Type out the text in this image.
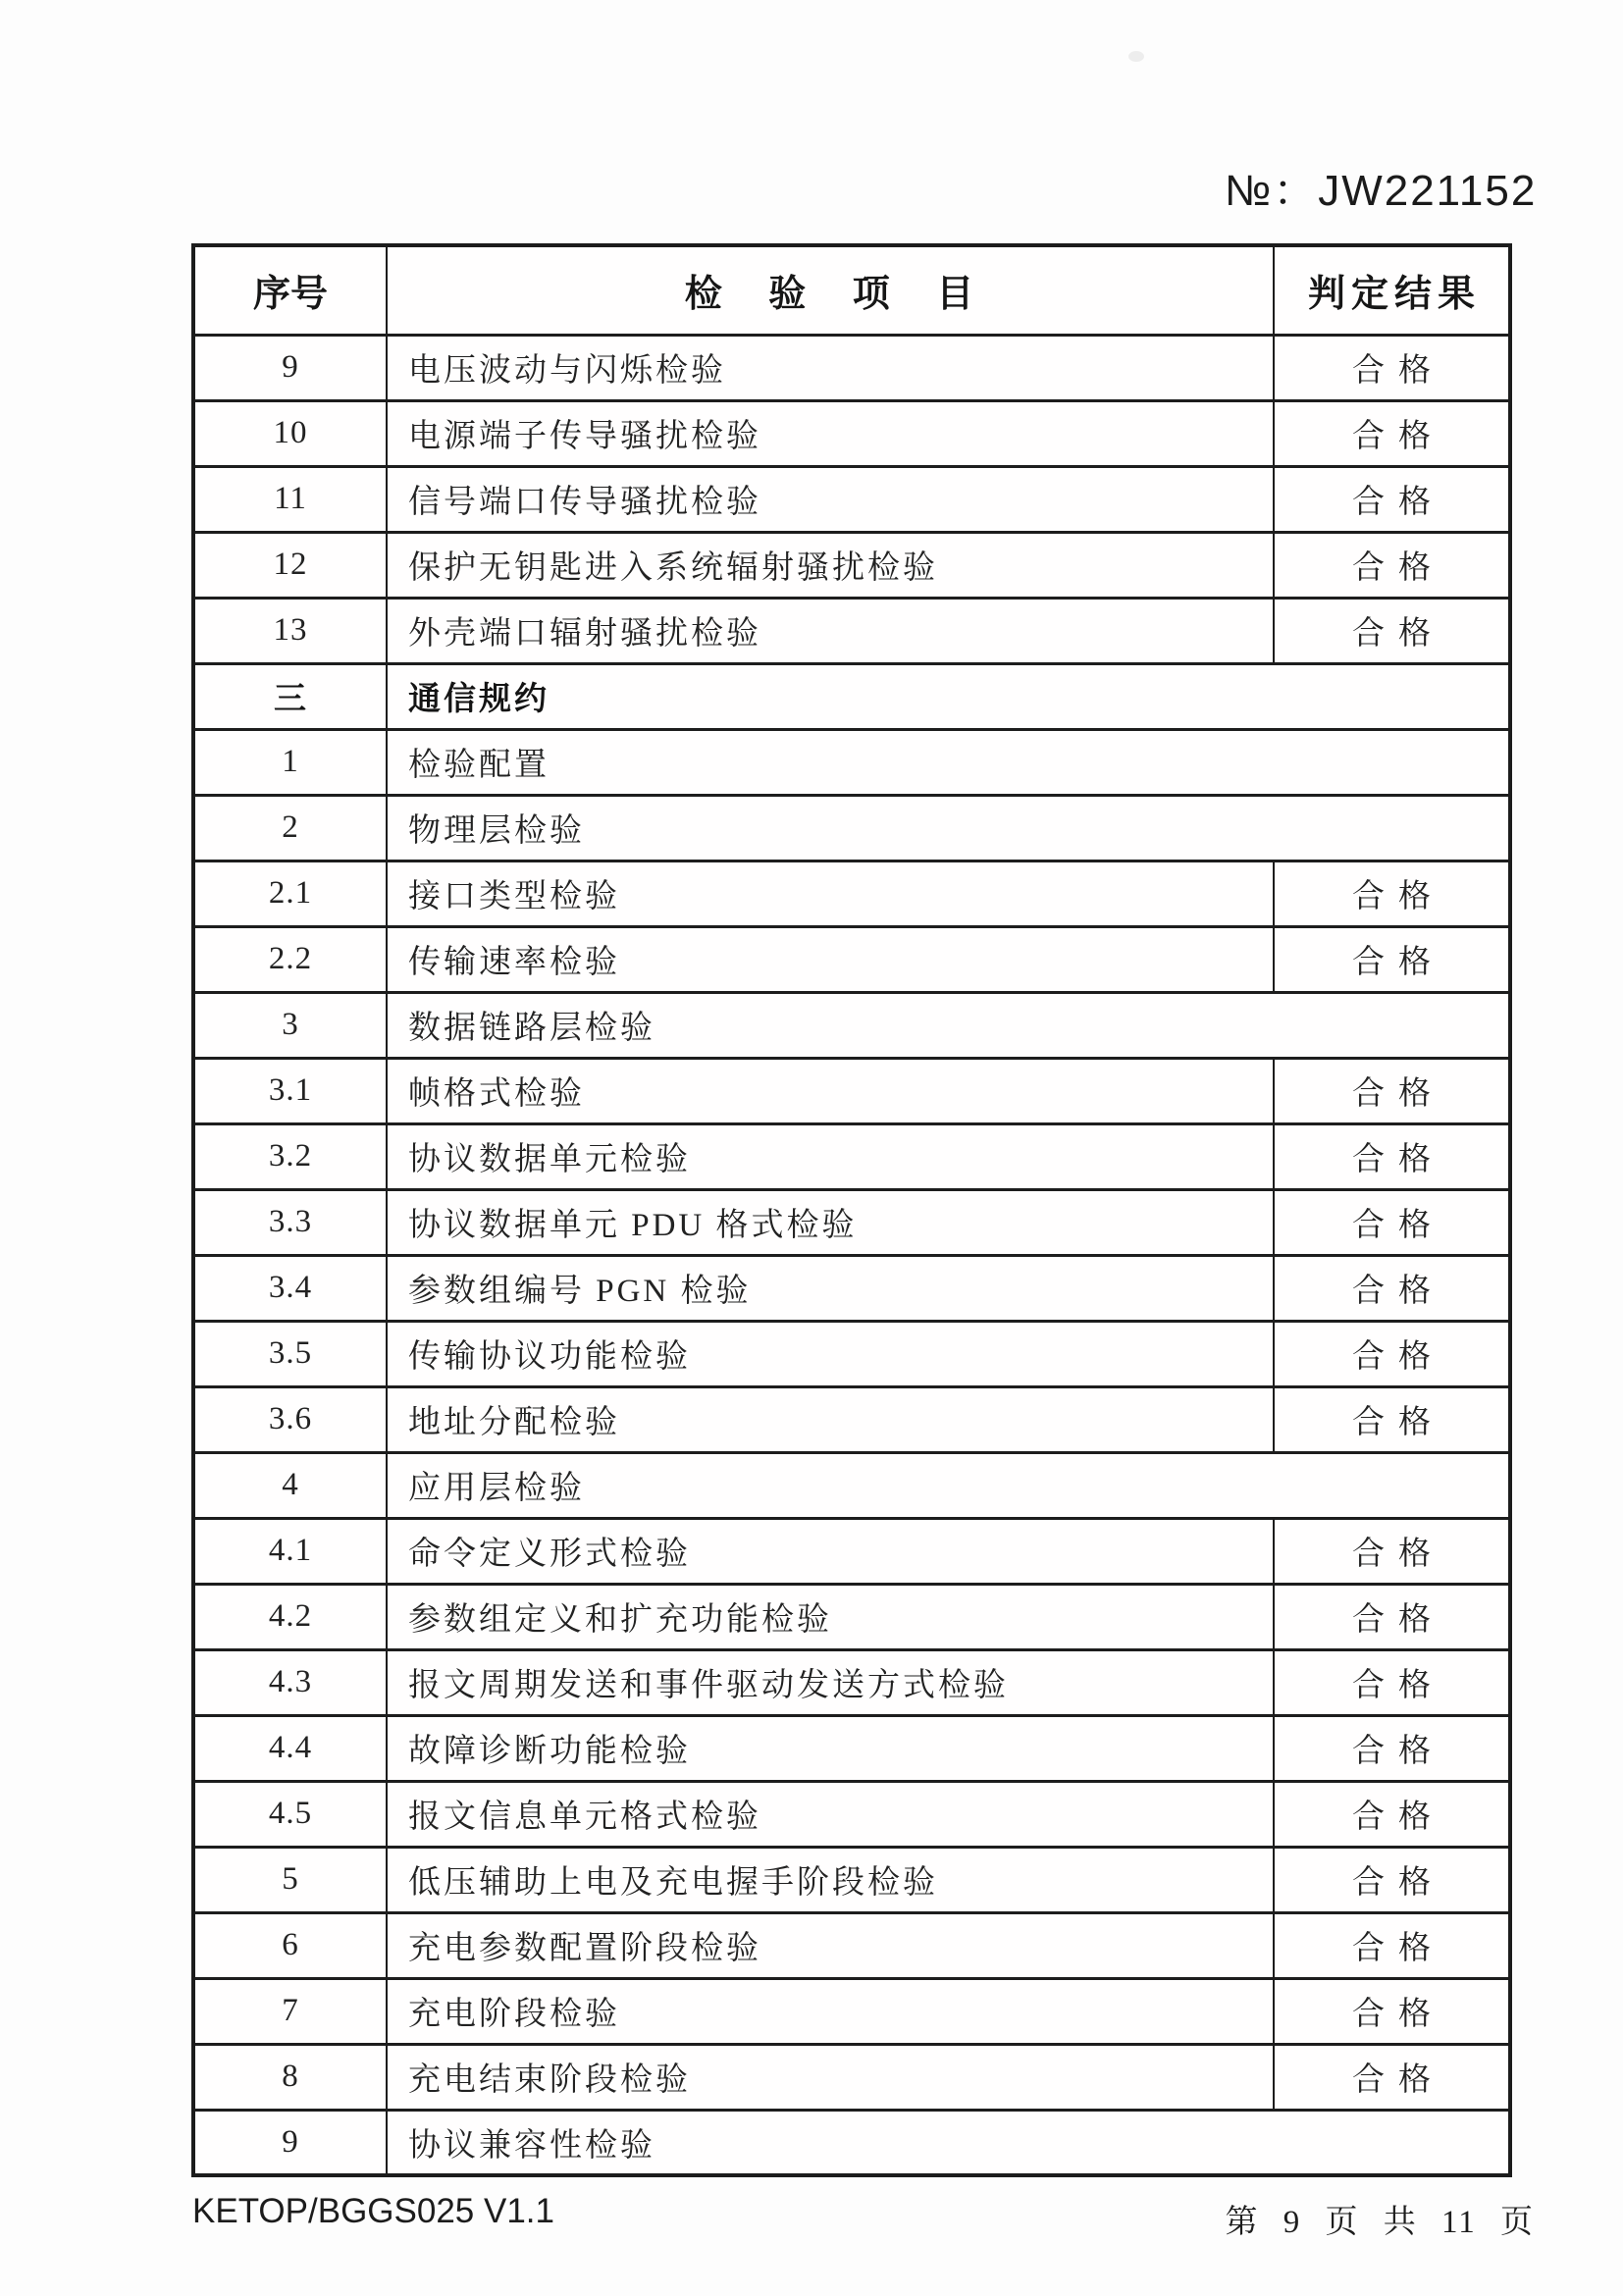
№：JW221152
序号	检 验 项 目	判定结果
9	电压波动与闪烁检验	合格
10	电源端子传导骚扰检验	合格
11	信号端口传导骚扰检验	合格
12	保护无钥匙进入系统辐射骚扰检验	合格
13	外壳端口辐射骚扰检验	合格
三	通信规约	
1	检验配置	
2	物理层检验	
2.1	接口类型检验	合格
2.2	传输速率检验	合格
3	数据链路层检验	
3.1	帧格式检验	合格
3.2	协议数据单元检验	合格
3.3	协议数据单元 PDU 格式检验	合格
3.4	参数组编号 PGN 检验	合格
3.5	传输协议功能检验	合格
3.6	地址分配检验	合格
4	应用层检验	
4.1	命令定义形式检验	合格
4.2	参数组定义和扩充功能检验	合格
4.3	报文周期发送和事件驱动发送方式检验	合格
4.4	故障诊断功能检验	合格
4.5	报文信息单元格式检验	合格
5	低压辅助上电及充电握手阶段检验	合格
6	充电参数配置阶段检验	合格
7	充电阶段检验	合格
8	充电结束阶段检验	合格
9	协议兼容性检验	
KETOP/BGGS025 V1.1	第 9 页 共 11 页
